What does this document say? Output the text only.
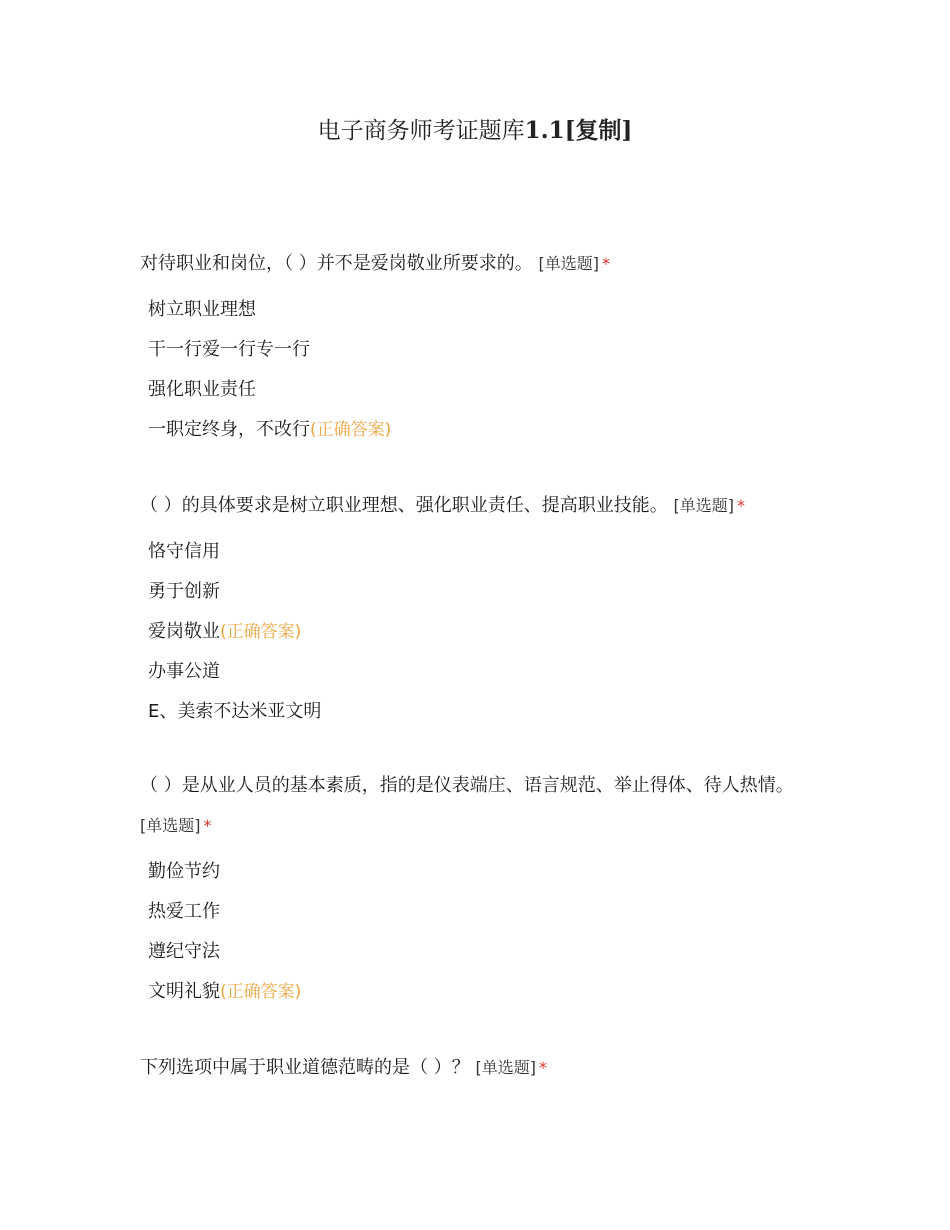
电子商务师考证题库1.1[复制]
对待职业和岗位，（ ）并不是爱岗敬业所要求的。 [单选题] *
树立职业理想
干一行爱一行专一行
强化职业责任
一职定终身，不改行(正确答案)
（ ）的具体要求是树立职业理想、强化职业责任、提高职业技能。 [单选题] *
恪守信用
勇于创新
爱岗敬业(正确答案)
办事公道
E、美索不达米亚文明
（ ）是从业人员的基本素质，指的是仪表端庄、语言规范、举止得体、待人热情。 [单选题] *
勤俭节约
热爱工作
遵纪守法
文明礼貌(正确答案)
下列选项中属于职业道德范畴的是（ ）？ [单选题] *
